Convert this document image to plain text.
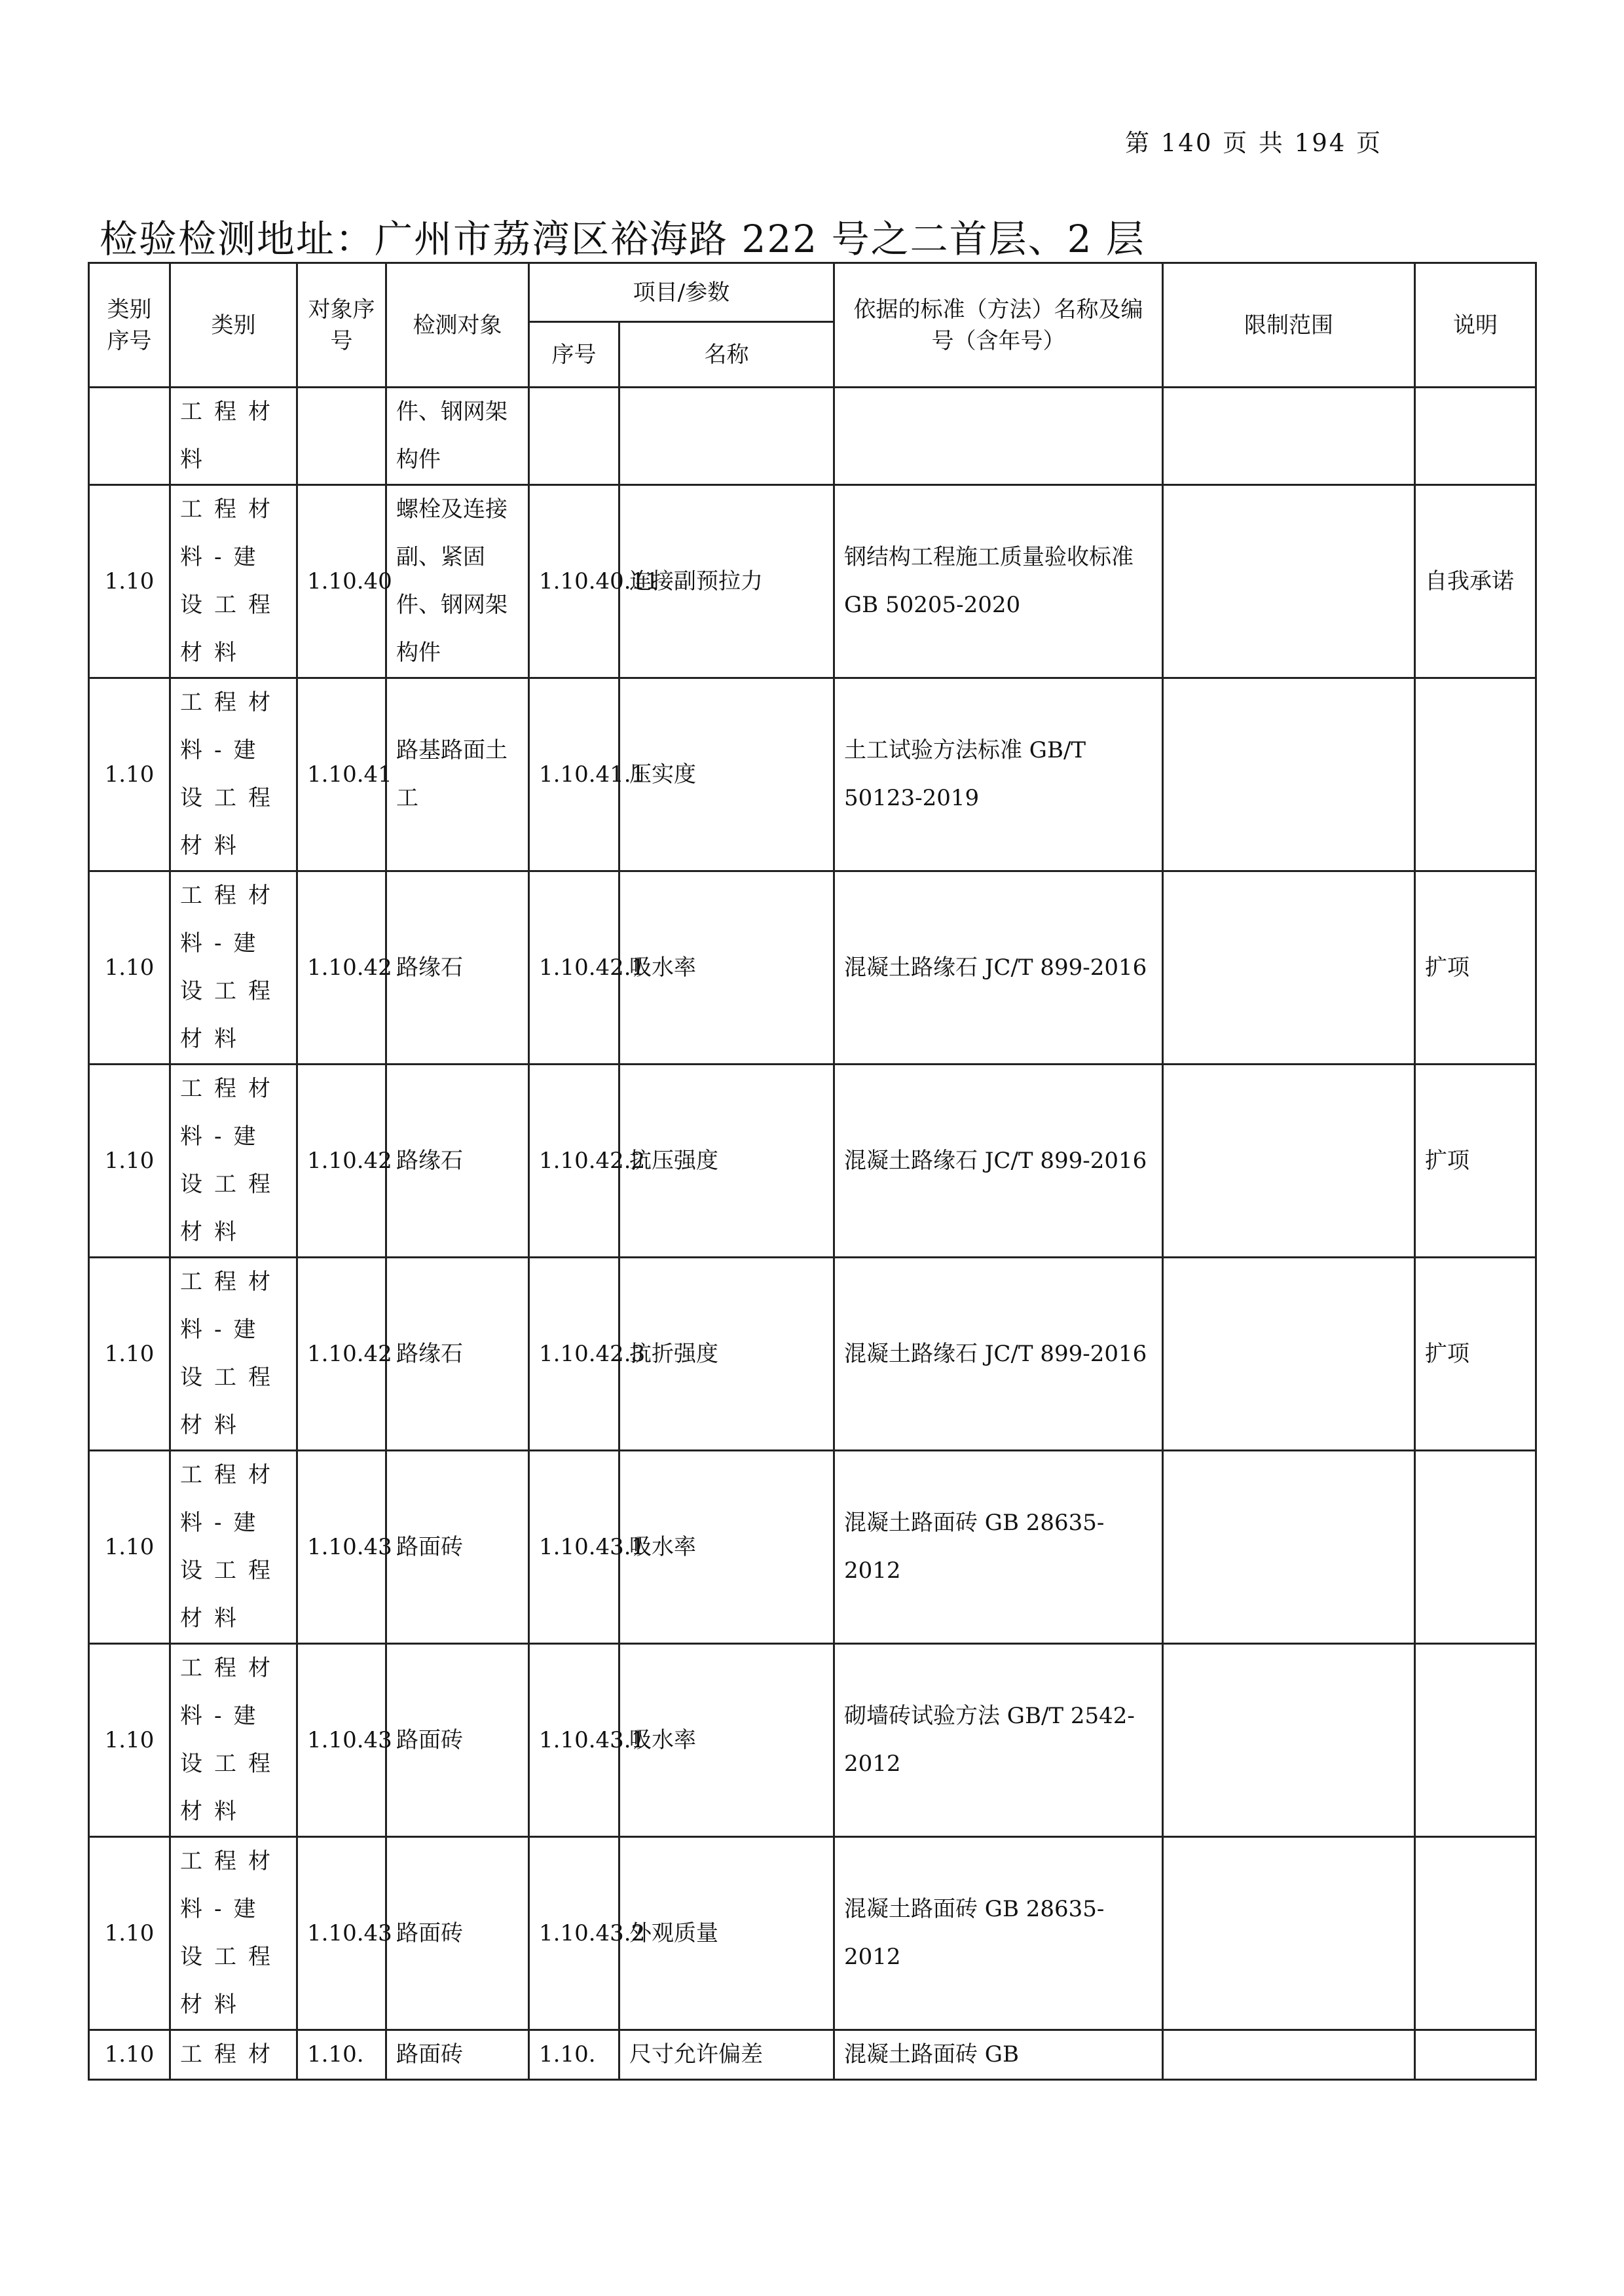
第 140 页 共 194 页
检验检测地址：广州市荔湾区裕海路 222 号之二首层、2 层
类别序号	类别	对象序号	检测对象	项目/参数		依据的标准（方法）名称及编号（含年号）	限制范围	说明
				序号	名称			
	工程材料		件、钢网架构件					
1.10	工程材料-建设工程材料	1.10.40	螺栓及连接副、紧固件、钢网架构件	1.10.40.11	连接副预拉力	钢结构工程施工质量验收标准 GB 50205-2020		自我承诺
1.10	工程材料-建设工程材料	1.10.41	路基路面土工	1.10.41.1	压实度	土工试验方法标准 GB/T 50123-2019		
1.10	工程材料-建设工程材料	1.10.42	路缘石	1.10.42.1	吸水率	混凝土路缘石 JC/T 899-2016		扩项
1.10	工程材料-建设工程材料	1.10.42	路缘石	1.10.42.2	抗压强度	混凝土路缘石 JC/T 899-2016		扩项
1.10	工程材料-建设工程材料	1.10.42	路缘石	1.10.42.3	抗折强度	混凝土路缘石 JC/T 899-2016		扩项
1.10	工程材料-建设工程材料	1.10.43	路面砖	1.10.43.1	吸水率	混凝土路面砖 GB 28635-2012		
1.10	工程材料-建设工程材料	1.10.43	路面砖	1.10.43.1	吸水率	砌墙砖试验方法 GB/T 2542-2012		
1.10	工程材料-建设工程材料	1.10.43	路面砖	1.10.43.2	外观质量	混凝土路面砖 GB 28635-2012		
1.10	工程材	1.10.	路面砖	1.10.	尺寸允许偏差	混凝土路面砖 GB		
